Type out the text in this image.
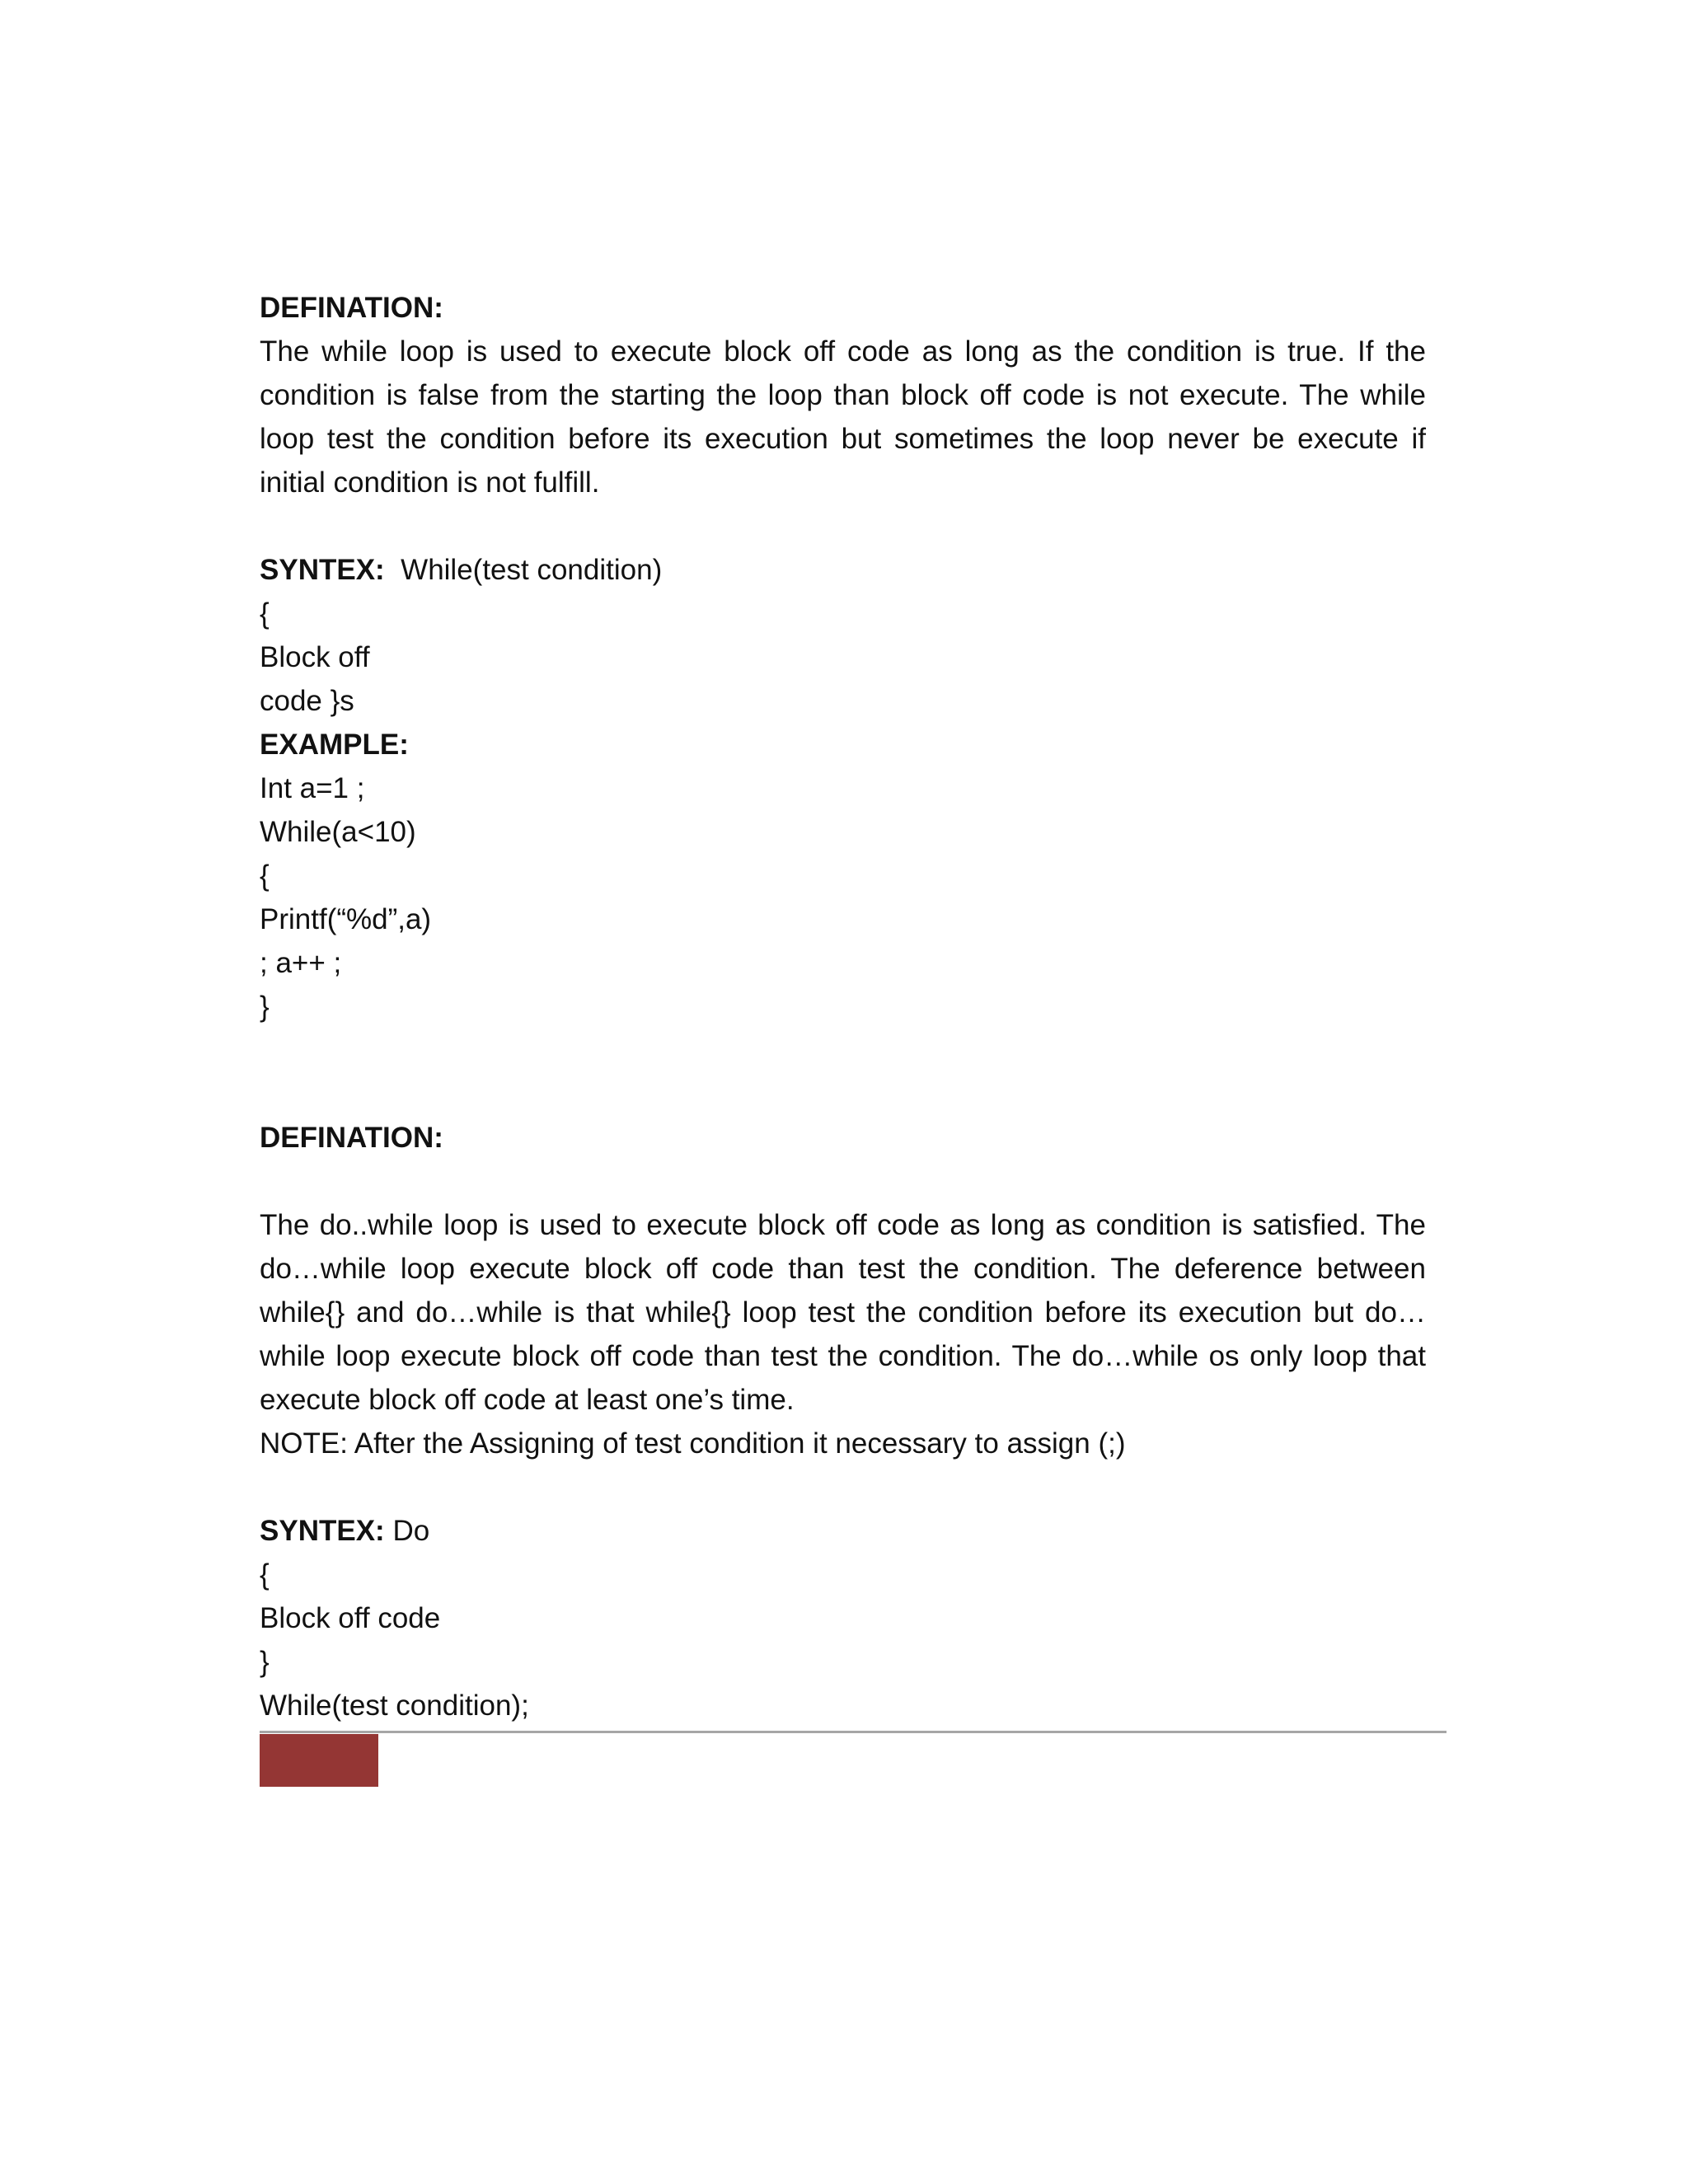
DEFINATION:
The while loop is used to execute block off code as long as the condition is true. If the condition is false from the starting the loop than block off code is not execute. The while loop test the condition before its execution but sometimes the loop never be execute if initial condition is not fulfill.
SYNTEX: While(test condition)
{
Block off
code }s
EXAMPLE:
Int a=1 ;
While(a<10)
{
Printf(“%d”,a)
; a++ ;
}
DEFINATION:
The do..while loop is used to execute block off code as long as condition is satisfied. The do…while loop execute block off code than test the condition. The deference between while{} and do…while is that while{} loop test the condition before its execution but do…while loop execute block off code than test the condition. The do…while os only loop that execute block off code at least one’s time.
NOTE: After the Assigning of test condition it necessary to assign (;)
SYNTEX: Do
{
Block off code
}
While(test condition);
